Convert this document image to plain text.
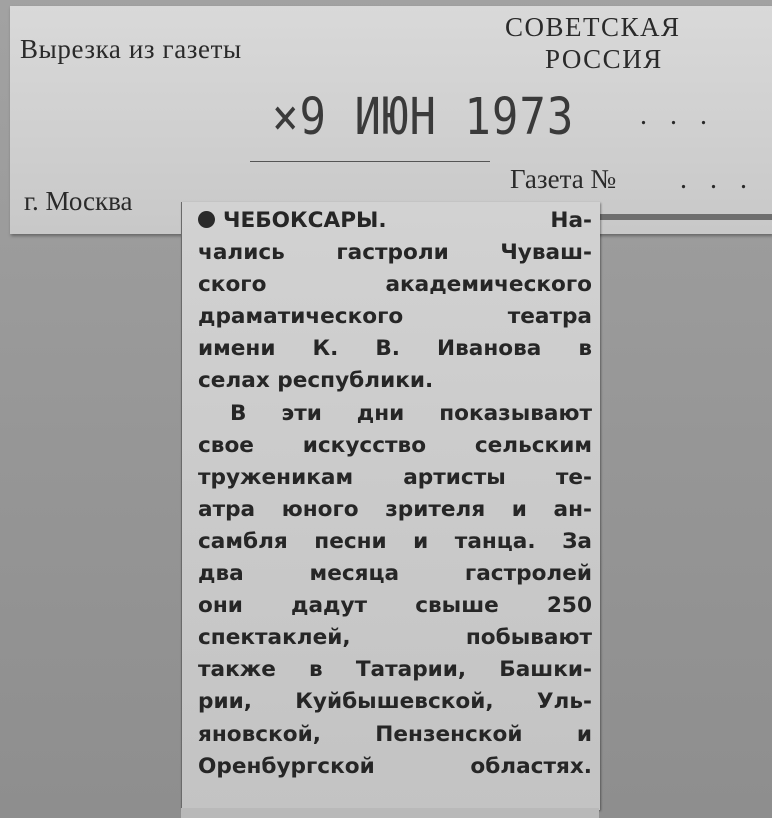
Вырезка из газеты
СОВЕТСКАЯ
РОССИЯ
×9 ИЮН 1973 . . .
г. Москва
Газета № . . .
ЧЕБОКСАРЫ. На-
чались гастроли Чуваш-
ского академического
драматического театра
имени К. В. Иванова в
селах республики.
В эти дни показывают
свое искусство сельским
труженикам артисты те-
атра юного зрителя и ан-
самбля песни и танца. За
два месяца гастролей
они дадут свыше 250
спектаклей, побывают
также в Татарии, Башки-
рии, Куйбышевской, Уль-
яновской, Пензенской и
Оренбургской областях.
